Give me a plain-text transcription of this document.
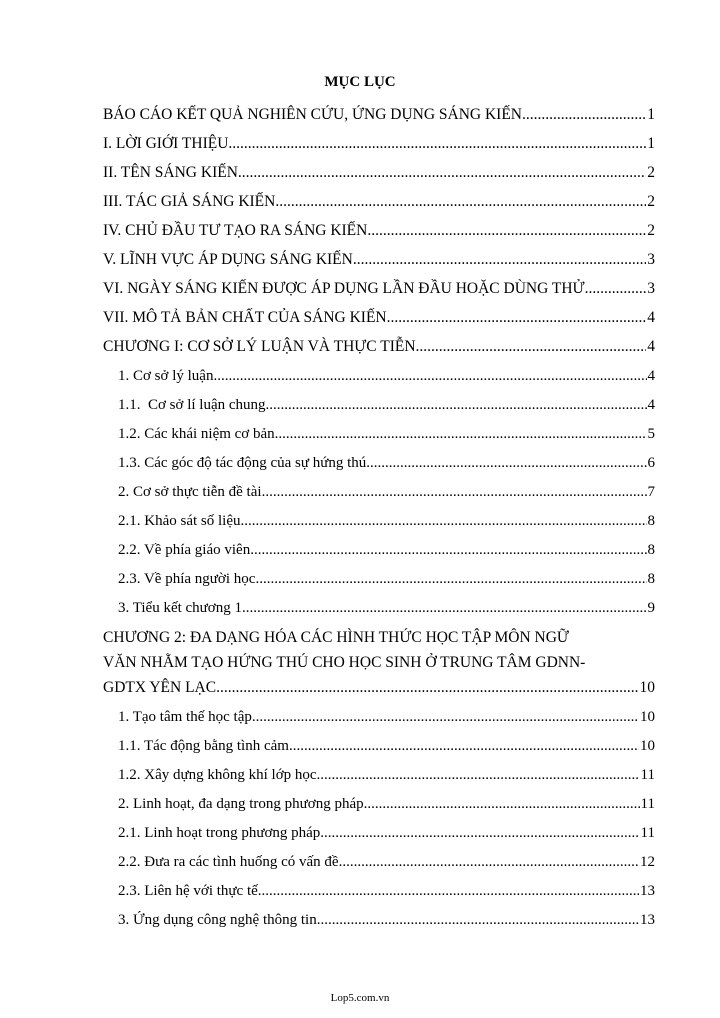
MỤC LỤC
BÁO CÁO KẾT QUẢ NGHIÊN CỨU, ỨNG DỤNG SÁNG KIẾN .....	1
I. LỜI GIỚI THIỆU .....	1
II. TÊN SÁNG KIẾN .....	2
III. TÁC GIẢ SÁNG KIẾN .....	2
IV. CHỦ ĐẦU TƯ TẠO RA SÁNG KIẾN .....	2
V. LĨNH VỰC ÁP DỤNG SÁNG KIẾN .....	3
VI. NGÀY SÁNG KIẾN ĐƯỢC ÁP DỤNG LẦN ĐẦU HOẶC DÙNG THỬ .....	3
VII. MÔ TẢ BẢN CHẤT CỦA SÁNG KIẾN .....	4
CHƯƠNG I: CƠ SỞ LÝ LUẬN VÀ THỰC TIỄN .....	4
1. Cơ sở lý luận .....	4
1.1.  Cơ sở lí luận chung .....	4
1.2. Các khái niệm cơ bản .....	5
1.3. Các góc độ tác động của sự hứng thú .....	6
2. Cơ sở thực tiễn đề tài .....	7
2.1. Khảo sát số liệu .....	8
2.2. Về phía giáo viên .....	8
2.3. Về phía người học .....	8
3. Tiểu kết chương 1 .....	9
CHƯƠNG 2: ĐA DẠNG HÓA CÁC HÌNH THỨC HỌC TẬP MÔN NGỮ
VĂN NHẰM TẠO HỨNG THÚ CHO HỌC SINH Ở TRUNG TÂM GDNN-
GDTX YÊN LẠC .....	10
1. Tạo tâm thế học tập .....	10
1.1. Tác động bằng tình cảm .....	10
1.2. Xây dựng không khí lớp học .....	11
2. Linh hoạt, đa dạng trong phương pháp .....	11
2.1. Linh hoạt trong phương pháp .....	11
2.2. Đưa ra các tình huống có vấn đề .....	12
2.3. Liên hệ với thực tế .....	13
3. Ứng dụng công nghệ thông tin .....	13
Lop5.com.vn
